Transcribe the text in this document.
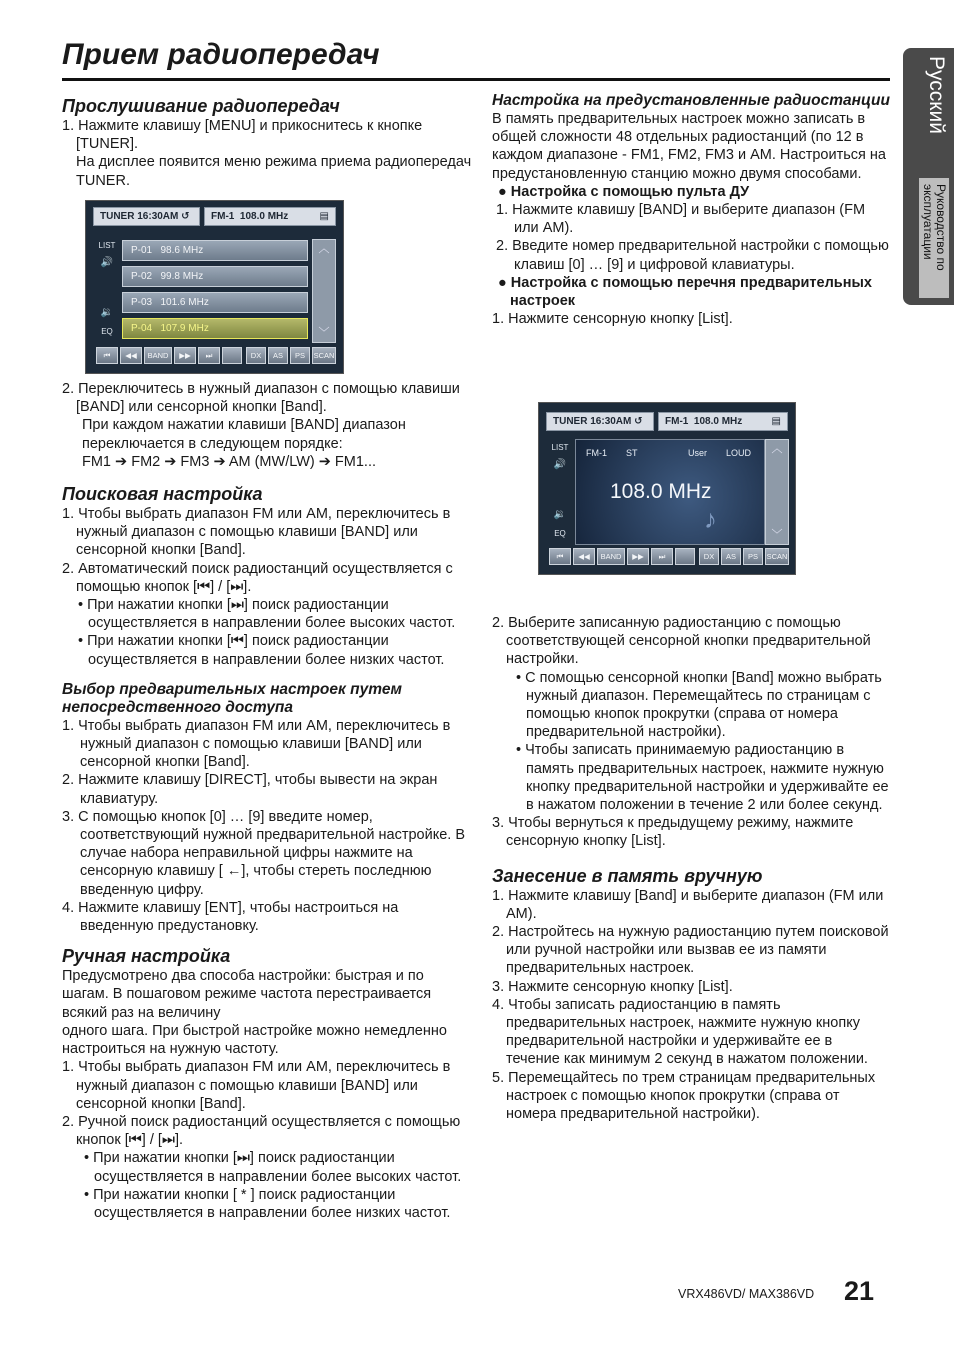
Прием радиопередач
Русский
Руководство по эксплуатации

Прослушивание радиопередач

1. Нажмите клавишу [MENU] и прикоснитесь к кнопке [TUNER].

На дисплее появится меню режима приема радиопередач TUNER.

TUNER 16:30AM ↺	FM-1 108.0 MHz	▤
LIST
🔊
🔉
EQ
P-01 98.6 MHz
P-02 99.8 MHz
P-03 101.6 MHz
P-04 107.9 MHz
︿
﹀
⏮	◀◀	BAND	▶▶	⏭	DX	AS	PS	SCAN

2. Переключитесь в нужный диапазон с помощью клавиши [BAND] или сенсорной кнопки [Band].

При каждом нажатии клавиши [BAND] диапазон переключается в следующем порядке:

FM1 ➔ FM2 ➔ FM3 ➔ AM (MW/LW) ➔ FM1...

Поисковая настройка

1. Чтобы выбрать диапазон FM или AM, переключитесь в нужный диапазон с помощью клавиши [BAND] или сенсорной кнопки [Band].

2. Автоматический поиск радиостанций осуществляется с помощью кнопок [⏮] / [⏭].

• При нажатии кнопки [⏭] поиск радиостанции осуществляется в направлении более высоких частот.

• При нажатии кнопки [⏮] поиск радиостанции осуществляется в направлении более низких частот.

Выбор предварительных настроек путем непосредственного доступа

1. Чтобы выбрать диапазон FM или AM, переключитесь в нужный диапазон с помощью клавиши [BAND] или сенсорной кнопки [Band].

2. Нажмите клавишу [DIRECT], чтобы вывести на экран клавиатуру.

3. С помощью кнопок [0] … [9] введите номер, соответствующий нужной предварительной настройке. В случае набора неправильной цифры нажмите на сенсорную клавишу [ ←], чтобы стереть последнюю введенную цифру.

4. Нажмите клавишу [ENT], чтобы настроиться на введенную предустановку.

Ручная настройка

Предусмотрено два способа настройки: быстрая и по шагам. В пошаговом режиме частота перестраивается всякий раз на величину

одного шага. При быстрой настройке можно немедленно настроиться на нужную частоту.

1. Чтобы выбрать диапазон FM или AM, переключитесь в нужный диапазон с помощью клавиши [BAND] или сенсорной кнопки [Band].

2. Ручной поиск радиостанций осуществляется с помощью кнопок [⏮] / [⏭].

• При нажатии кнопки [⏭] поиск радиостанции осуществляется в направлении более высоких частот.

• При нажатии кнопки [ * ] поиск радиостанции осуществляется в направлении более низких частот.

Настройка на предустановленные радиостанции

В память предварительных настроек можно записать в общей сложности 48 отдельных радиостанций (по 12 в каждом диапазоне - FM1, FM2, FM3 и AM. Настроиться на предустановленную станцию можно двумя способами.

● Настройка с помощью пульта ДУ

1. Нажмите клавишу [BAND] и выберите диапазон (FM или AM).

2. Введите номер предварительной настройки с помощью клавиш [0] … [9] и цифровой клавиатуры.

● Настройка с помощью перечня предварительных настроек

1. Нажмите сенсорную кнопку [List].

TUNER 16:30AM ↺	FM-1 108.0 MHz	▤
LIST
🔊
🔉
EQ
FM-1 ST	User LOUD
108.0 MHz
♪
︿
﹀
⏮	◀◀	BAND	▶▶	⏭	DX	AS	PS	SCAN

2. Выберите записанную радиостанцию с помощью соответствующей сенсорной кнопки предварительной настройки.

• С помощью сенсорной кнопки [Band] можно выбрать нужный диапазон. Перемещайтесь по страницам с помощью кнопок прокрутки (справа от номера предварительной настройки).

• Чтобы записать принимаемую радиостанцию в память предварительных настроек, нажмите нужную кнопку предварительной настройки и удерживайте ее в нажатом положении в течение 2 или более секунд.

3. Чтобы вернуться к предыдущему режиму, нажмите сенсорную кнопку [List].

Занесение в память вручную

1. Нажмите клавишу [Band] и выберите диапазон (FM или AM).

2. Настройтесь на нужную радиостанцию путем поисковой или ручной настройки или вызвав ее из памяти предварительных настроек.

3. Нажмите сенсорную кнопку [List].

4. Чтобы записать радиостанцию в память предварительных настроек, нажмите нужную кнопку предварительной настройки и удерживайте ее в течение как минимум 2 секунд в нажатом положении.

5. Перемещайтесь по трем страницам предварительных настроек с помощью кнопок прокрутки (справа от номера предварительной настройки).

VRX486VD/ MAX386VD 21
